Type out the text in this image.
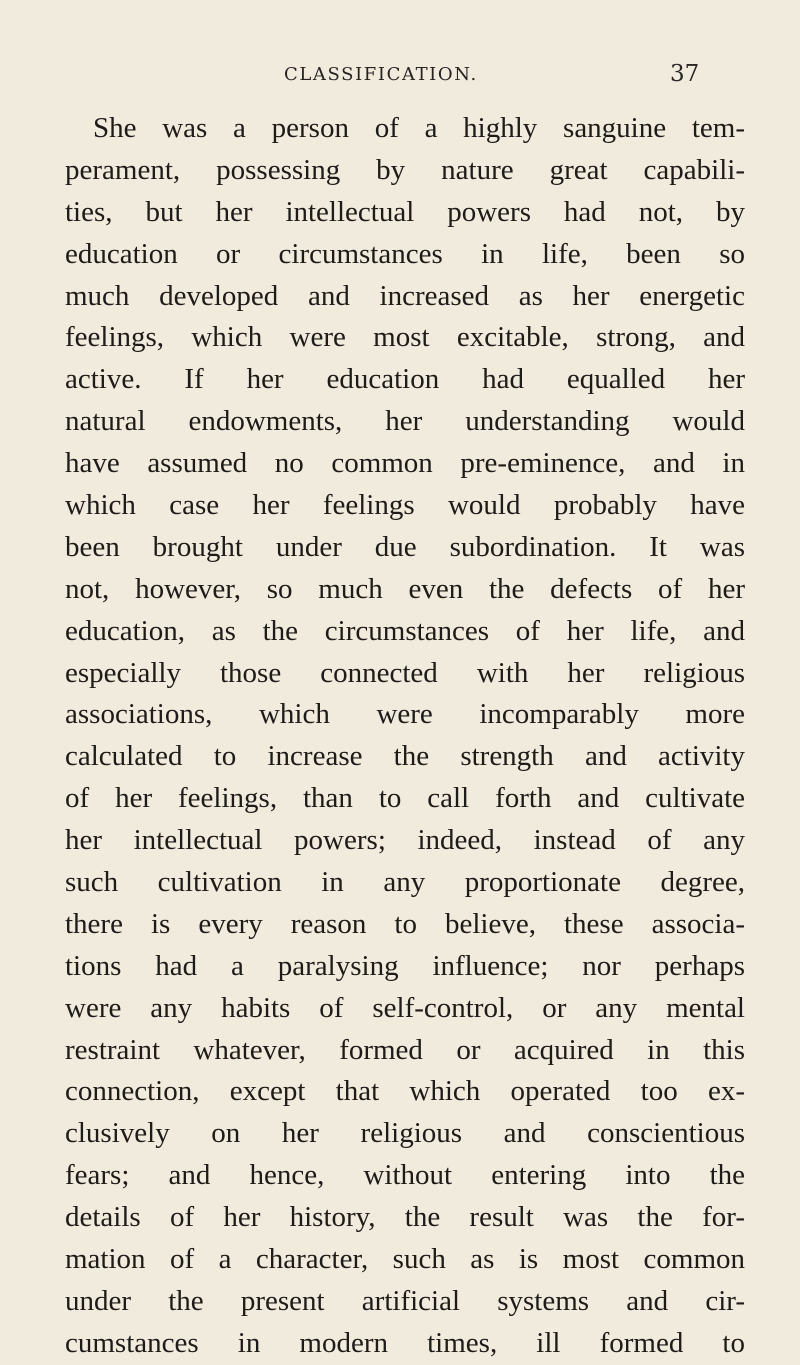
CLASSIFICATION.	37
She was a person of a highly sanguine tem-
perament, possessing by nature great capabili-
ties, but her intellectual powers had not, by
education or circumstances in life, been so
much developed and increased as her energetic
feelings, which were most excitable, strong, and
active. If her education had equalled her
natural endowments, her understanding would
have assumed no common pre-eminence, and in
which case her feelings would probably have
been brought under due subordination. It was
not, however, so much even the defects of her
education, as the circumstances of her life, and
especially those connected with her religious
associations, which were incomparably more
calculated to increase the strength and activity
of her feelings, than to call forth and cultivate
her intellectual powers; indeed, instead of any
such cultivation in any proportionate degree,
there is every reason to believe, these associa-
tions had a paralysing influence; nor perhaps
were any habits of self-control, or any mental
restraint whatever, formed or acquired in this
connection, except that which operated too ex-
clusively on her religious and conscientious
fears; and hence, without entering into the
details of her history, the result was the for-
mation of a character, such as is most common
under the present artificial systems and cir-
cumstances in modern times, ill formed to
